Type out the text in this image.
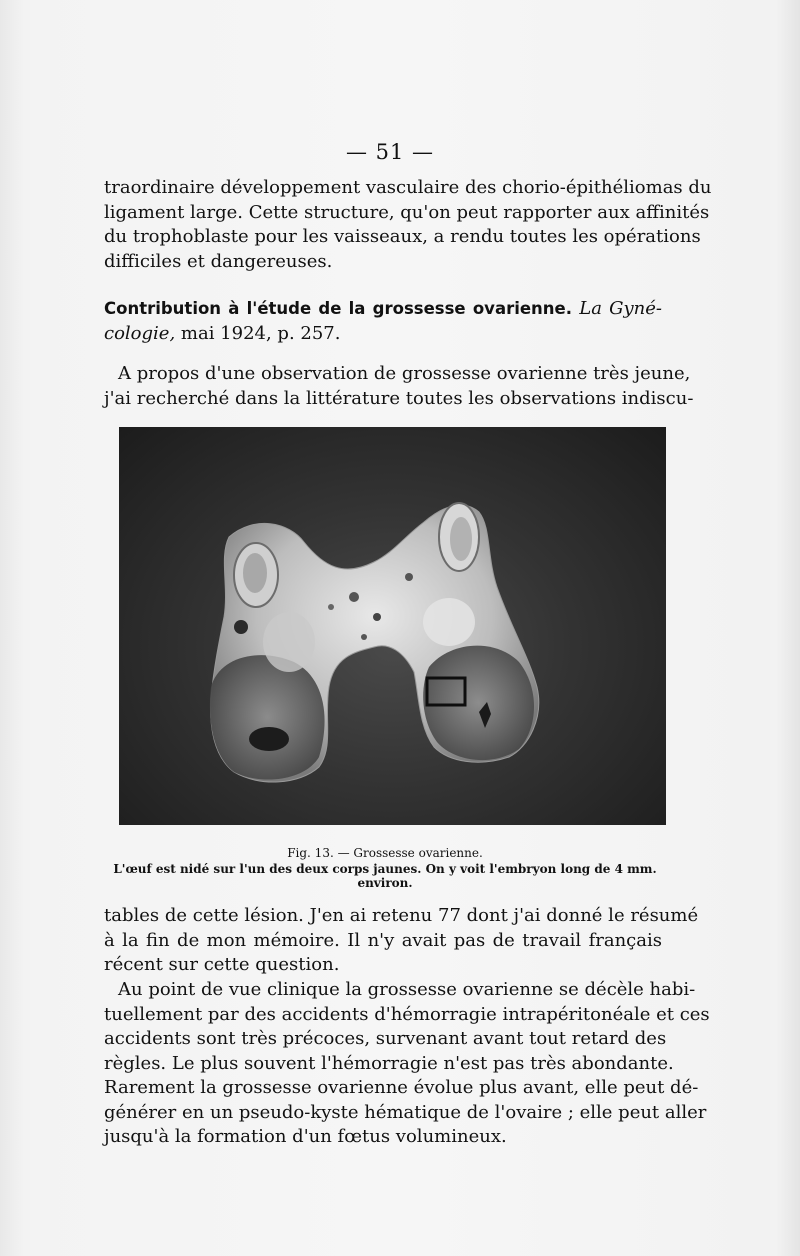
— 51 —

traordinaire développement vasculaire des chorio-épithéliomas du
ligament large. Cette structure, qu'on peut rapporter aux affinités
du trophoblaste pour les vaisseaux, a rendu toutes les opérations
difficiles et dangereuses.

Contribution à l'étude de la grossesse ovarienne. La Gyné-
cologie, mai 1924, p. 257.

A propos d'une observation de grossesse ovarienne très jeune,
j'ai recherché dans la littérature toutes les observations indiscu-

Fig. 13. — Grossesse ovarienne.
L'œuf est nidé sur l'un des deux corps jaunes. On y voit l'embryon long de 4 mm. environ.

tables de cette lésion. J'en ai retenu 77 dont j'ai donné le résumé
à la fin de mon mémoire. Il n'y avait pas de travail français
récent sur cette question.

Au point de vue clinique la grossesse ovarienne se décèle habi-
tuellement par des accidents d'hémorragie intrapéritonéale et ces
accidents sont très précoces, survenant avant tout retard des
règles. Le plus souvent l'hémorragie n'est pas très abondante.
Rarement la grossesse ovarienne évolue plus avant, elle peut dé-
générer en un pseudo-kyste hématique de l'ovaire ; elle peut aller
jusqu'à la formation d'un fœtus volumineux.
